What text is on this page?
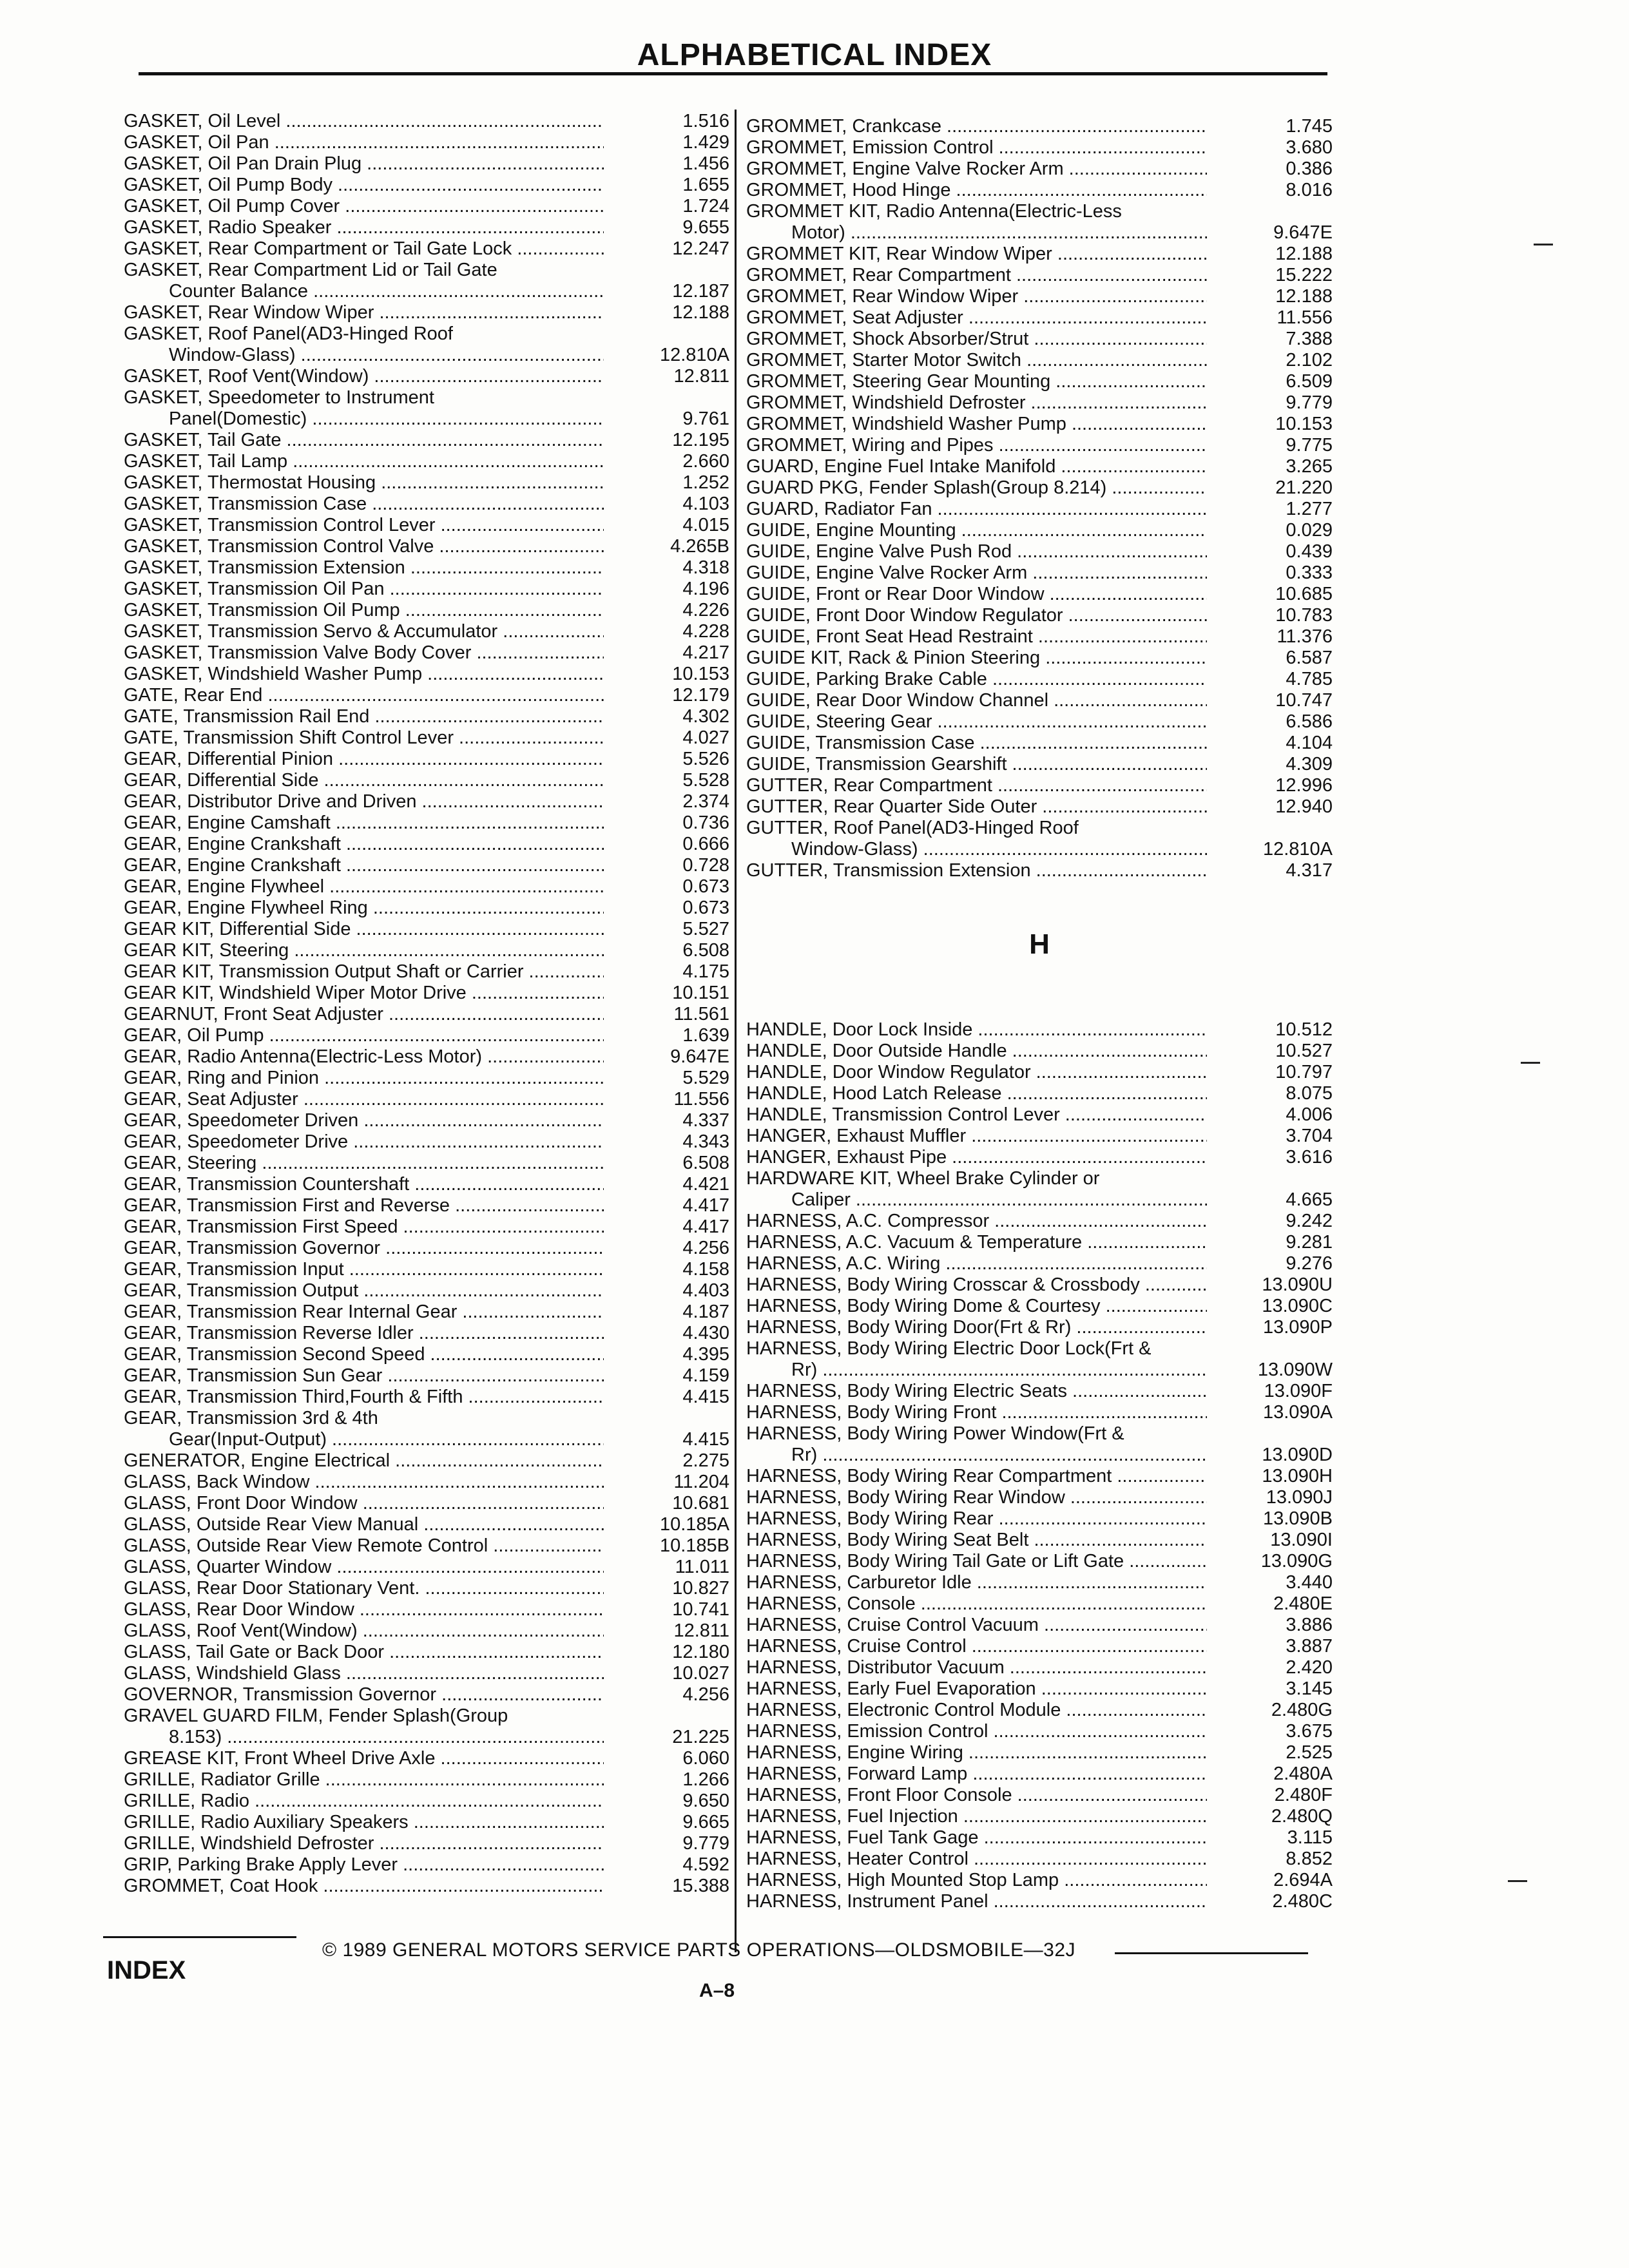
ALPHABETICAL INDEX
GASKET, Oil Level .....	1.516
GASKET, Oil Pan .....	1.429
GASKET, Oil Pan Drain Plug .....	1.456
GASKET, Oil Pump Body .....	1.655
GASKET, Oil Pump Cover .....	1.724
GASKET, Radio Speaker .....	9.655
GASKET, Rear Compartment or Tail Gate Lock .....	12.247
GASKET, Rear Compartment Lid or Tail Gate
Counter Balance .....	12.187
GASKET, Rear Window Wiper .....	12.188
GASKET, Roof Panel(AD3-Hinged Roof
Window-Glass) .....	12.810A
GASKET, Roof Vent(Window) .....	12.811
GASKET, Speedometer to Instrument
Panel(Domestic) .....	9.761
GASKET, Tail Gate .....	12.195
GASKET, Tail Lamp .....	2.660
GASKET, Thermostat Housing .....	1.252
GASKET, Transmission Case .....	4.103
GASKET, Transmission Control Lever .....	4.015
GASKET, Transmission Control Valve .....	4.265B
GASKET, Transmission Extension .....	4.318
GASKET, Transmission Oil Pan .....	4.196
GASKET, Transmission Oil Pump .....	4.226
GASKET, Transmission Servo & Accumulator .....	4.228
GASKET, Transmission Valve Body Cover .....	4.217
GASKET, Windshield Washer Pump .....	10.153
GATE, Rear End .....	12.179
GATE, Transmission Rail End .....	4.302
GATE, Transmission Shift Control Lever .....	4.027
GEAR, Differential Pinion .....	5.526
GEAR, Differential Side .....	5.528
GEAR, Distributor Drive and Driven .....	2.374
GEAR, Engine Camshaft .....	0.736
GEAR, Engine Crankshaft .....	0.666
GEAR, Engine Crankshaft .....	0.728
GEAR, Engine Flywheel .....	0.673
GEAR, Engine Flywheel Ring .....	0.673
GEAR KIT, Differential Side .....	5.527
GEAR KIT, Steering .....	6.508
GEAR KIT, Transmission Output Shaft or Carrier .....	4.175
GEAR KIT, Windshield Wiper Motor Drive .....	10.151
GEARNUT, Front Seat Adjuster .....	11.561
GEAR, Oil Pump .....	1.639
GEAR, Radio Antenna(Electric-Less Motor) .....	9.647E
GEAR, Ring and Pinion .....	5.529
GEAR, Seat Adjuster .....	11.556
GEAR, Speedometer Driven .....	4.337
GEAR, Speedometer Drive .....	4.343
GEAR, Steering .....	6.508
GEAR, Transmission Countershaft .....	4.421
GEAR, Transmission First and Reverse .....	4.417
GEAR, Transmission First Speed .....	4.417
GEAR, Transmission Governor .....	4.256
GEAR, Transmission Input .....	4.158
GEAR, Transmission Output .....	4.403
GEAR, Transmission Rear Internal Gear .....	4.187
GEAR, Transmission Reverse Idler .....	4.430
GEAR, Transmission Second Speed .....	4.395
GEAR, Transmission Sun Gear .....	4.159
GEAR, Transmission Third,Fourth & Fifth .....	4.415
GEAR, Transmission 3rd & 4th
Gear(Input-Output) .....	4.415
GENERATOR, Engine Electrical .....	2.275
GLASS, Back Window .....	11.204
GLASS, Front Door Window .....	10.681
GLASS, Outside Rear View Manual .....	10.185A
GLASS, Outside Rear View Remote Control .....	10.185B
GLASS, Quarter Window .....	11.011
GLASS, Rear Door Stationary Vent. .....	10.827
GLASS, Rear Door Window .....	10.741
GLASS, Roof Vent(Window) .....	12.811
GLASS, Tail Gate or Back Door .....	12.180
GLASS, Windshield Glass .....	10.027
GOVERNOR, Transmission Governor .....	4.256
GRAVEL GUARD FILM, Fender Splash(Group
8.153) .....	21.225
GREASE KIT, Front Wheel Drive Axle .....	6.060
GRILLE, Radiator Grille .....	1.266
GRILLE, Radio .....	9.650
GRILLE, Radio Auxiliary Speakers .....	9.665
GRILLE, Windshield Defroster .....	9.779
GRIP, Parking Brake Apply Lever .....	4.592
GROMMET, Coat Hook .....	15.388
GROMMET, Crankcase .....	1.745
GROMMET, Emission Control .....	3.680
GROMMET, Engine Valve Rocker Arm .....	0.386
GROMMET, Hood Hinge .....	8.016
GROMMET KIT, Radio Antenna(Electric-Less
Motor) .....	9.647E
GROMMET KIT, Rear Window Wiper .....	12.188
GROMMET, Rear Compartment .....	15.222
GROMMET, Rear Window Wiper .....	12.188
GROMMET, Seat Adjuster .....	11.556
GROMMET, Shock Absorber/Strut .....	7.388
GROMMET, Starter Motor Switch .....	2.102
GROMMET, Steering Gear Mounting .....	6.509
GROMMET, Windshield Defroster .....	9.779
GROMMET, Windshield Washer Pump .....	10.153
GROMMET, Wiring and Pipes .....	9.775
GUARD, Engine Fuel Intake Manifold .....	3.265
GUARD PKG, Fender Splash(Group 8.214) .....	21.220
GUARD, Radiator Fan .....	1.277
GUIDE, Engine Mounting .....	0.029
GUIDE, Engine Valve Push Rod .....	0.439
GUIDE, Engine Valve Rocker Arm .....	0.333
GUIDE, Front or Rear Door Window .....	10.685
GUIDE, Front Door Window Regulator .....	10.783
GUIDE, Front Seat Head Restraint .....	11.376
GUIDE KIT, Rack & Pinion Steering .....	6.587
GUIDE, Parking Brake Cable .....	4.785
GUIDE, Rear Door Window Channel .....	10.747
GUIDE, Steering Gear .....	6.586
GUIDE, Transmission Case .....	4.104
GUIDE, Transmission Gearshift .....	4.309
GUTTER, Rear Compartment .....	12.996
GUTTER, Rear Quarter Side Outer .....	12.940
GUTTER, Roof Panel(AD3-Hinged Roof
Window-Glass) .....	12.810A
GUTTER, Transmission Extension .....	4.317
H
HANDLE, Door Lock Inside .....	10.512
HANDLE, Door Outside Handle .....	10.527
HANDLE, Door Window Regulator .....	10.797
HANDLE, Hood Latch Release .....	8.075
HANDLE, Transmission Control Lever .....	4.006
HANGER, Exhaust Muffler .....	3.704
HANGER, Exhaust Pipe .....	3.616
HARDWARE KIT, Wheel Brake Cylinder or
Caliper .....	4.665
HARNESS, A.C. Compressor .....	9.242
HARNESS, A.C. Vacuum & Temperature .....	9.281
HARNESS, A.C. Wiring .....	9.276
HARNESS, Body Wiring Crosscar & Crossbody .....	13.090U
HARNESS, Body Wiring Dome & Courtesy .....	13.090C
HARNESS, Body Wiring Door(Frt & Rr) .....	13.090P
HARNESS, Body Wiring Electric Door Lock(Frt &
Rr) .....	13.090W
HARNESS, Body Wiring Electric Seats .....	13.090F
HARNESS, Body Wiring Front .....	13.090A
HARNESS, Body Wiring Power Window(Frt &
Rr) .....	13.090D
HARNESS, Body Wiring Rear Compartment .....	13.090H
HARNESS, Body Wiring Rear Window .....	13.090J
HARNESS, Body Wiring Rear .....	13.090B
HARNESS, Body Wiring Seat Belt .....	13.090I
HARNESS, Body Wiring Tail Gate or Lift Gate .....	13.090G
HARNESS, Carburetor Idle .....	3.440
HARNESS, Console .....	2.480E
HARNESS, Cruise Control Vacuum .....	3.886
HARNESS, Cruise Control .....	3.887
HARNESS, Distributor Vacuum .....	2.420
HARNESS, Early Fuel Evaporation .....	3.145
HARNESS, Electronic Control Module .....	2.480G
HARNESS, Emission Control .....	3.675
HARNESS, Engine Wiring .....	2.525
HARNESS, Forward Lamp .....	2.480A
HARNESS, Front Floor Console .....	2.480F
HARNESS, Fuel Injection .....	2.480Q
HARNESS, Fuel Tank Gage .....	3.115
HARNESS, Heater Control .....	8.852
HARNESS, High Mounted Stop Lamp .....	2.694A
HARNESS, Instrument Panel .....	2.480C
© 1989 GENERAL MOTORS SERVICE PARTS OPERATIONS—OLDSMOBILE—32J
INDEX
A–8
